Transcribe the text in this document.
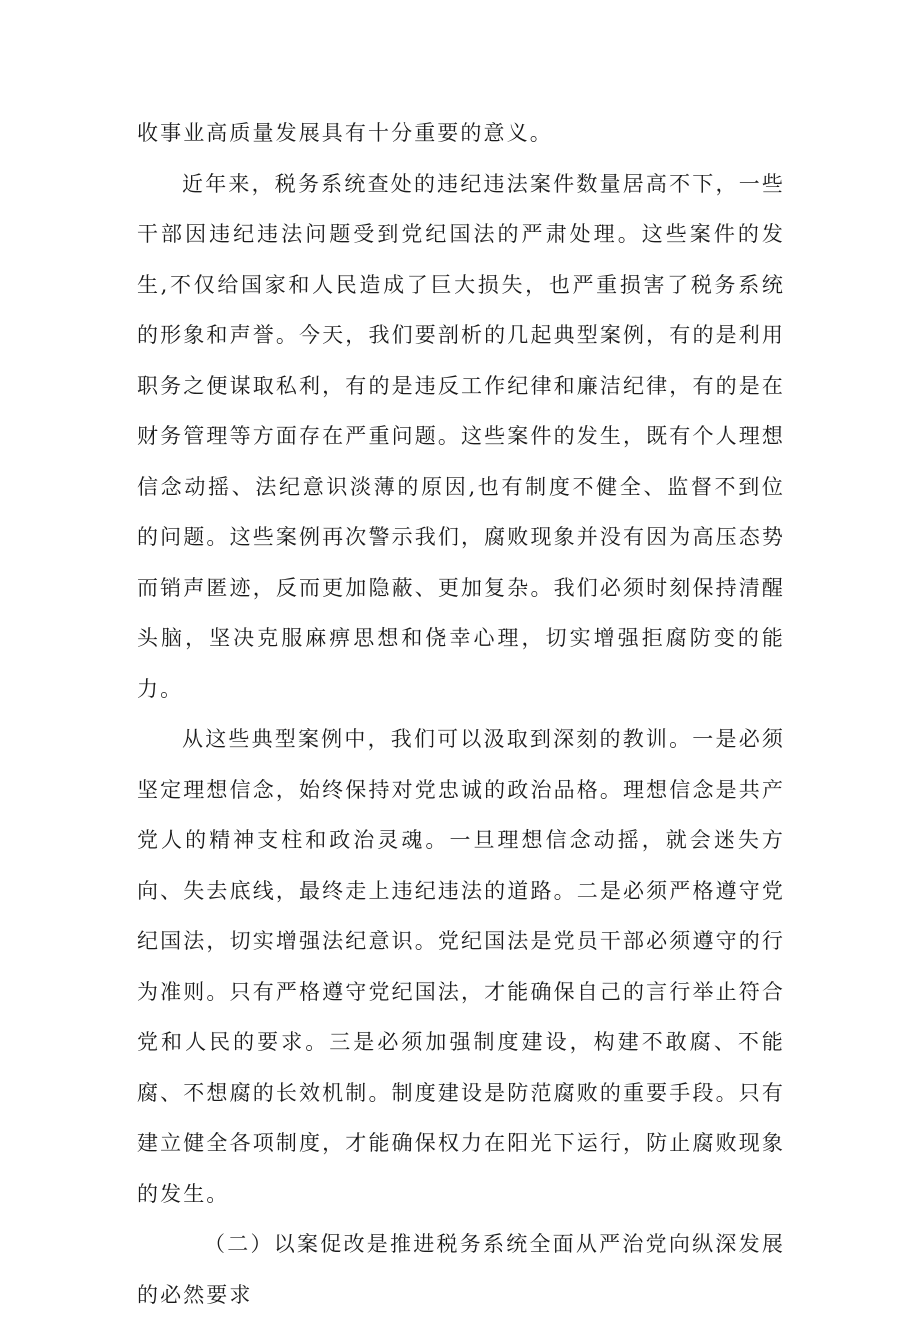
收事业高质量发展具有十分重要的意义。

近年来，税务系统查处的违纪违法案件数量居高不下，一些干部因违纪违法问题受到党纪国法的严肃处理。这些案件的发生,不仅给国家和人民造成了巨大损失，也严重损害了税务系统的形象和声誉。今天，我们要剖析的几起典型案例，有的是利用职务之便谋取私利，有的是违反工作纪律和廉洁纪律，有的是在财务管理等方面存在严重问题。这些案件的发生，既有个人理想信念动摇、法纪意识淡薄的原因,也有制度不健全、监督不到位的问题。这些案例再次警示我们，腐败现象并没有因为高压态势而销声匿迹，反而更加隐蔽、更加复杂。我们必须时刻保持清醒头脑，坚决克服麻痹思想和侥幸心理，切实增强拒腐防变的能力。

从这些典型案例中，我们可以汲取到深刻的教训。一是必须坚定理想信念，始终保持对党忠诚的政治品格。理想信念是共产党人的精神支柱和政治灵魂。一旦理想信念动摇，就会迷失方向、失去底线，最终走上违纪违法的道路。二是必须严格遵守党纪国法，切实增强法纪意识。党纪国法是党员干部必须遵守的行为准则。只有严格遵守党纪国法，才能确保自己的言行举止符合党和人民的要求。三是必须加强制度建设，构建不敢腐、不能腐、不想腐的长效机制。制度建设是防范腐败的重要手段。只有建立健全各项制度，才能确保权力在阳光下运行，防止腐败现象的发生。

（二）以案促改是推进税务系统全面从严治党向纵深发展的必然要求
